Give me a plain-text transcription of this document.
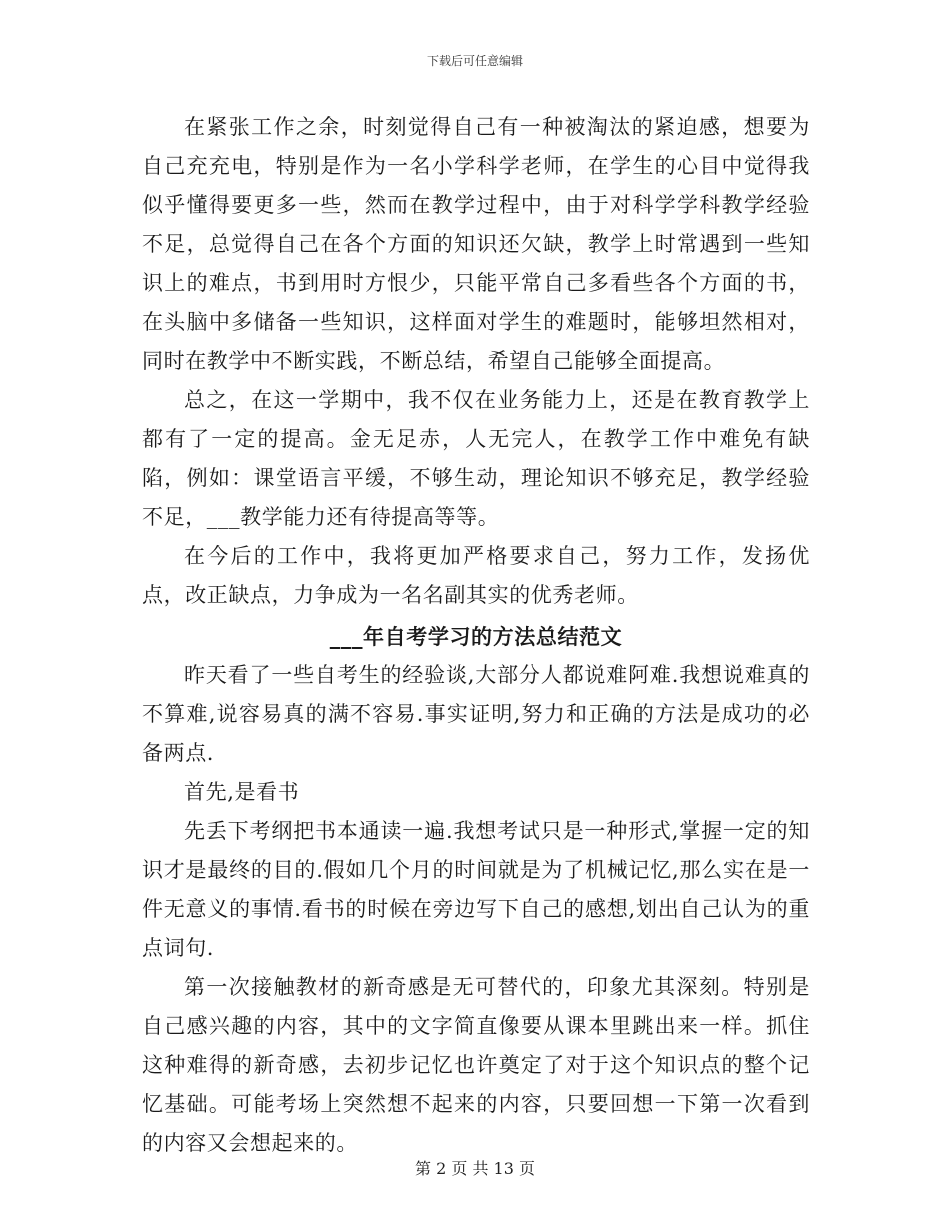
下载后可任意编辑

在紧张工作之余，时刻觉得自己有一种被淘汰的紧迫感，想要为自己充充电，特别是作为一名小学科学老师，在学生的心目中觉得我似乎懂得要更多一些，然而在教学过程中，由于对科学学科教学经验不足，总觉得自己在各个方面的知识还欠缺，教学上时常遇到一些知识上的难点，书到用时方恨少，只能平常自己多看些各个方面的书，在头脑中多储备一些知识，这样面对学生的难题时，能够坦然相对，同时在教学中不断实践，不断总结，希望自己能够全面提高。

总之，在这一学期中，我不仅在业务能力上，还是在教育教学上都有了一定的提高。金无足赤，人无完人，在教学工作中难免有缺陷，例如：课堂语言平缓，不够生动，理论知识不够充足，教学经验不足，___教学能力还有待提高等等。

在今后的工作中，我将更加严格要求自己，努力工作，发扬优点，改正缺点，力争成为一名名副其实的优秀老师。

___年自考学习的方法总结范文

昨天看了一些自考生的经验谈,大部分人都说难阿难.我想说难真的不算难,说容易真的满不容易.事实证明,努力和正确的方法是成功的必备两点.

首先,是看书

先丢下考纲把书本通读一遍.我想考试只是一种形式,掌握一定的知识才是最终的目的.假如几个月的时间就是为了机械记忆,那么实在是一件无意义的事情.看书的时候在旁边写下自己的感想,划出自己认为的重点词句.

第一次接触教材的新奇感是无可替代的，印象尤其深刻。特别是自己感兴趣的内容，其中的文字简直像要从课本里跳出来一样。抓住这种难得的新奇感，去初步记忆也许奠定了对于这个知识点的整个记忆基础。可能考场上突然想不起来的内容，只要回想一下第一次看到的内容又会想起来的。

第 2 页 共 13 页
